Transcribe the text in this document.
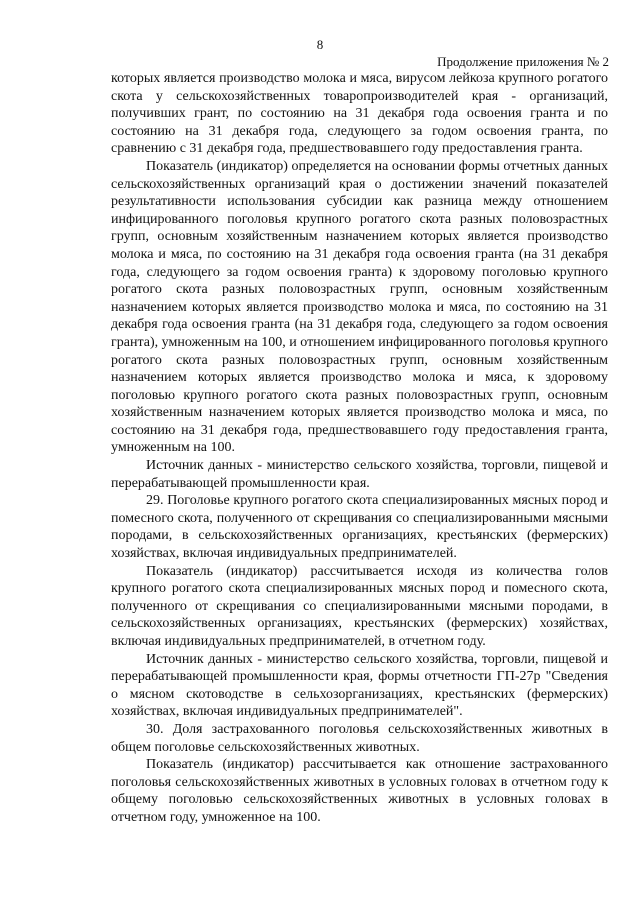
8
Продолжение приложения № 2

которых является производство молока и мяса, вирусом лейкоза крупного рогатого скота у сельскохозяйственных товаропроизводителей края - организаций, получивших грант, по состоянию на 31 декабря года освоения гранта и по состоянию на 31 декабря года, следующего за годом освоения гранта, по сравнению с 31 декабря года, предшествовавшего году предоставления гранта.

Показатель (индикатор) определяется на основании формы отчетных данных сельскохозяйственных организаций края о достижении значений показателей результативности использования субсидии как разница между отношением инфицированного поголовья крупного рогатого скота разных половозрастных групп, основным хозяйственным назначением которых является производство молока и мяса, по состоянию на 31 декабря года освоения гранта (на 31 декабря года, следующего за годом освоения гранта) к здоровому поголовью крупного рогатого скота разных половозрастных групп, основным хозяйственным назначением которых является производство молока и мяса, по состоянию на 31 декабря года освоения гранта (на 31 декабря года, следующего за годом освоения гранта), умноженным на 100, и отношением инфицированного поголовья крупного рогатого скота разных половозрастных групп, основным хозяйственным назначением которых является производство молока и мяса, к здоровому поголовью крупного рогатого скота разных половозрастных групп, основным хозяйственным назначением которых является производство молока и мяса, по состоянию на 31 декабря года, предшествовавшего году предоставления гранта, умноженным на 100.

Источник данных - министерство сельского хозяйства, торговли, пищевой и перерабатывающей промышленности края.

29. Поголовье крупного рогатого скота специализированных мясных пород и помесного скота, полученного от скрещивания со специализированными мясными породами, в сельскохозяйственных организациях, крестьянских (фермерских) хозяйствах, включая индивидуальных предпринимателей.

Показатель (индикатор) рассчитывается исходя из количества голов крупного рогатого скота специализированных мясных пород и помесного скота, полученного от скрещивания со специализированными мясными породами, в сельскохозяйственных организациях, крестьянских (фермерских) хозяйствах, включая индивидуальных предпринимателей, в отчетном году.

Источник данных - министерство сельского хозяйства, торговли, пищевой и перерабатывающей промышленности края, формы отчетности ГП-27р "Сведения о мясном скотоводстве в сельхозорганизациях, крестьянских (фермерских) хозяйствах, включая индивидуальных предпринимателей".

30. Доля застрахованного поголовья сельскохозяйственных животных в общем поголовье сельскохозяйственных животных.

Показатель (индикатор) рассчитывается как отношение застрахованного поголовья сельскохозяйственных животных в условных головах в отчетном году к общему поголовью сельскохозяйственных животных в условных головах в отчетном году, умноженное на 100.
